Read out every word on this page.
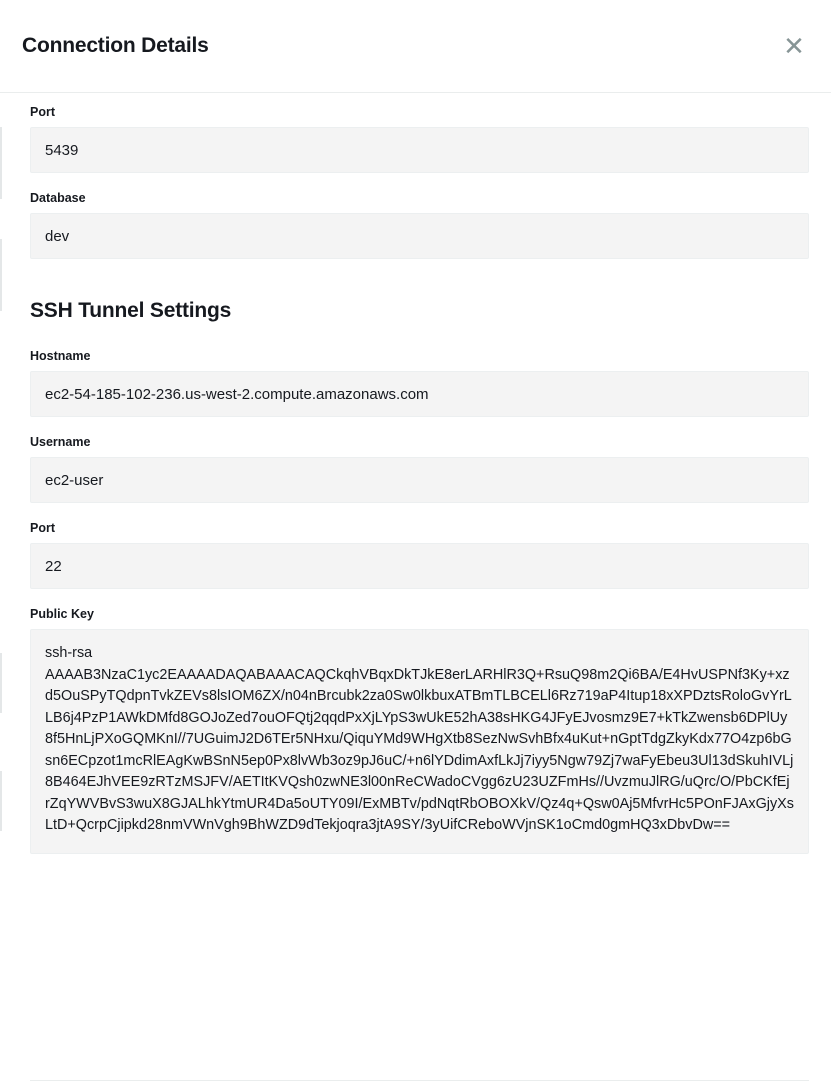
Connection Details	✕
Port
5439
Database
dev
SSH Tunnel Settings
Hostname
ec2-54-185-102-236.us-west-2.compute.amazonaws.com
Username
ec2-user
Port
22
Public Key
ssh-rsa
AAAAB3NzaC1yc2EAAAADAQABAAACAQCkqhVBqxDkTJkE8erLARHlR3Q+RsuQ98m2Qi6BA/E4HvUSPNf3Ky+xzd5OuSPyTQdpnTvkZEVs8lsIOM6ZX/n04nBrcubk2za0Sw0lkbuxATBmTLBCELl6Rz719aP4Itup18xXPDztsRoloGvYrLLB6j4PzP1AWkDMfd8GOJoZed7ouOFQtj2qqdPxXjLYpS3wUkE52hA38sHKG4JFyEJvosmz9E7+kTkZwensb6DPlUy8f5HnLjPXoGQMKnI//7UGuimJ2D6TEr5NHxu/QiquYMd9WHgXtb8SezNwSvhBfx4uKut+nGptTdgZkyKdx77O4zp6bGsn6ECpzot1mcRlEAgKwBSnN5ep0Px8lvWb3oz9pJ6uC/+n6lYDdimAxfLkJj7iyy5Ngw79Zj7waFyEbeu3Ul13dSkuhIVLj8B464EJhVEE9zRTzMSJFV/AETItKVQsh0zwNE3l00nReCWadoCVgg6zU23UZFmHs//UvzmuJlRG/uQrc/O/PbCKfEjrZqYWVBvS3wuX8GJALhkYtmUR4Da5oUTY09I/ExMBTv/pdNqtRbOBOXkV/Qz4q+Qsw0Aj5MfvrHc5POnFJAxGjyXsLtD+QcrpCjipkd28nmVWnVgh9BhWZD9dTekjoqra3jtA9SY/3yUifCReboWVjnSK1oCmd0gmHQ3xDbvDw==
